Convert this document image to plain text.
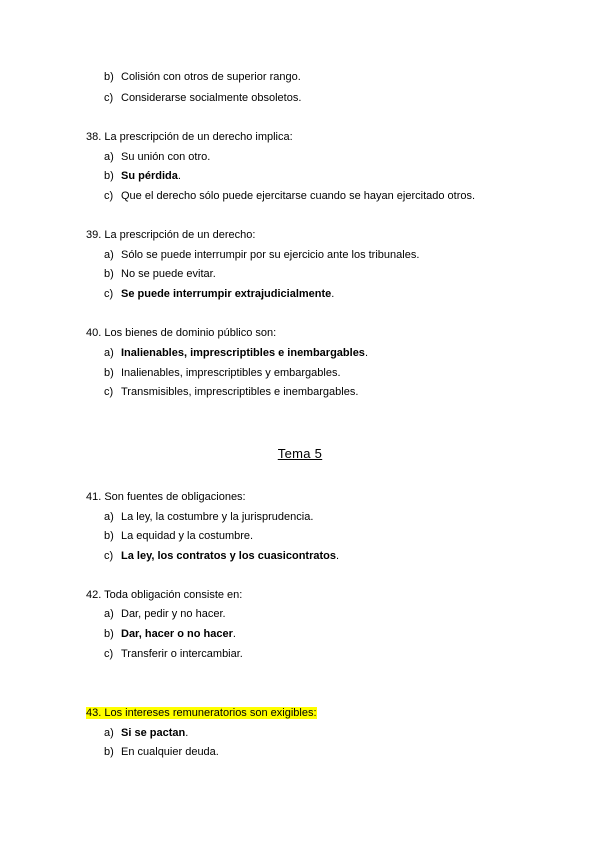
b) Colisión con otros de superior rango.
c) Considerarse socialmente obsoletos.
38. La prescripción de un derecho implica:
a) Su unión con otro.
b) Su pérdida.
c) Que el derecho sólo puede ejercitarse cuando se hayan ejercitado otros.
39. La prescripción de un derecho:
a) Sólo se puede interrumpir por su ejercicio ante los tribunales.
b) No se puede evitar.
c) Se puede interrumpir extrajudicialmente.
40. Los bienes de dominio público son:
a) Inalienables, imprescriptibles e inembargables.
b) Inalienables, imprescriptibles y embargables.
c) Transmisibles, imprescriptibles e inembargables.
Tema 5
41. Son fuentes de obligaciones:
a) La ley, la costumbre y la jurisprudencia.
b) La equidad y la costumbre.
c) La ley, los contratos y los cuasicontratos.
42. Toda obligación consiste en:
a) Dar, pedir y no hacer.
b) Dar, hacer o no hacer.
c) Transferir o intercambiar.
43. Los intereses remuneratorios son exigibles:
a) Si se pactan.
b) En cualquier deuda.
